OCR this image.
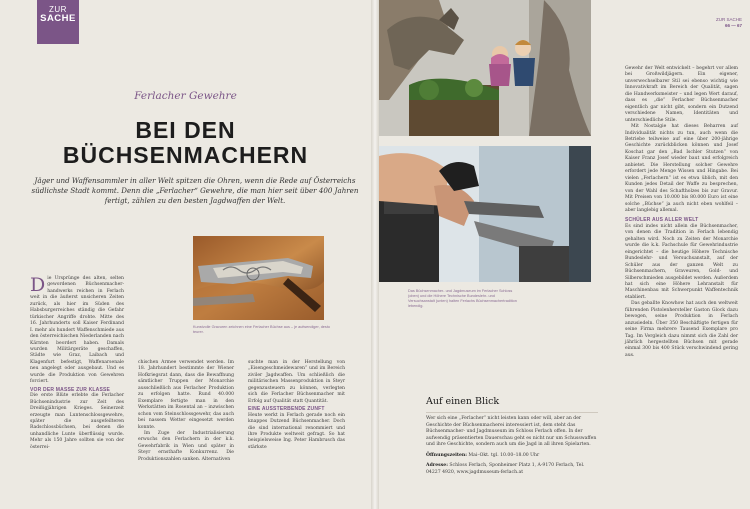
ZUR
SACHE
Ferlacher Gewehre
BEI DEN
BÜCHSENMACHERN
Jäger und Waffensammler in aller Welt spitzen die Ohren, wenn die Rede auf Österreichs südlichste Stadt kommt. Denn die „Ferlacher“ Gewehre, die man hier seit über 400 Jahren fertigt, zählen zu den besten Jagdwaffen der Welt.
Kunstvolle Gravuren zeichnen eine Ferlacher Büchse aus – je aufwendiger, desto teurer.

Die Ursprünge des alten, selten gewordenen Büchsenmacher-handwerks reichen in Ferlach weit in die äußerst unsicheren Zeiten zurück, als hier im Süden des Habsburgerreiches ständig die Gefahr türkischer Angriffe drohte. Mitte des 16. Jahrhunderts soll Kaiser Ferdinand I. mehr als hundert Waffenschmiede aus den österreichischen Niederlanden nach Kärnten beordert haben. Damals wurden Militärgeräte geschaffen, Städte wie Graz, Laibach und Klagenfurt befestigt, Waffenarsenale neu angelegt oder ausgebaut. Und es wurde die Produktion von Gewehren forciert.

VOR DER MASSE ZUR KLASSE

Die erste Blüte erlebte die Ferlacher Büchsenindustrie zur Zeit des Dreißigjährigen Krieges. Seinerzeit erzeugte man Luntenschlossgewehre, später die ausgefeilteren Radschlossbüchsen, bei denen die unhandliche Lunte überflüssig wurde. Mehr als 150 Jahre sollten sie von der österrei-

chischen Armee verwendet werden. Im 18. Jahrhundert bestimmte der Wiener Hofkriegsrat dann, dass die Bewaffnung sämtlicher Truppen der Monarchie ausschließlich aus Ferlacher Produktion zu erfolgen hatte. Rund 40.000 Exemplare fertigte man in den Werkstätten im Rosental an – inzwischen schon vom Steinschlossgewehr, das auch bei nassem Wetter eingesetzt werden konnte.

Im Zuge der Industrialisierung erwuchs den Ferlachern in der k.k. Gewehrfabrik in Wien und später in Steyr ernsthafte Konkurrenz. Die Produktionszahlen sanken. Alternativen

suchte man in der Herstellung von „Eisengeschmeidewaren“ und im Bereich ziviler Jagdwaffen. Um schließlich die militärischen Massenproduktion in Steyr gegenzusteuern zu können, verlegten sich die Ferlacher Büchsenmacher mit Erfolg auf Qualität statt Quantität.

EINE AUSSTERBENDE ZUNFT

Heute werkt in Ferlach gerade noch ein knappes Dutzend Büchsenmacher. Doch die sind international renommiert und ihre Produkte weltweit gefragt. So hat beispielsweise Ing. Peter Hambrusch das stärkste

ZUR SACHE
66 — 67
Das Büchsenmacher- und Jagdmuseum im Ferlacher Schloss (oben) und die Höhere Technische Bundeslehr- und Versuchsanstalt (unten) halten Ferlachs Büchsenmachertradition lebendig.

Gewehr der Welt entwickelt – begehrt vor allem bei Großwildjägern. Ein eigener, unverwechselbarer Stil sei ebenso wichtig wie Innovativkraft im Bereich der Qualität, sagen die Handwerksmeister – und legen Wert darauf, dass es „die“ Ferlacher Büchsenmacher eigentlich gar nicht gibt, sondern ein Dutzend verschiedene Namen, Identitäten und unterschiedliche Stile.

Mit Nostalgie hat dieses Beharren auf Individualität nichts zu tun, auch wenn die Betriebe teilweise auf eine über 200-jährige Geschichte zurückblicken können und Josef Koschat gar den „Bad Ischler Stutzen“ von Kaiser Franz Josef wieder baut und erfolgreich anbietet. Die Herstellung solcher Gewehre erfordert jede Menge Wissen und Hingabe. Bei vielen „Ferlachern“ ist es etwa üblich, mit den Kunden jedes Detail der Waffe zu besprechen, von der Wahl des Schaftholzes bis zur Gravur. Mit Preisen von 10.000 bis 80.000 Euro ist eine solche „Büchse“ ja auch nicht eben wohlfeil – aber langlebig allemal.

SCHÜLER AUS ALLER WELT

Es sind indes nicht allein die Büchsenmacher, von denen die Tradition in Ferlach lebendig gehalten wird. Noch zu Zeiten der Monarchie wurde die k.k. Fachschule für Gewehrindustrie eingerichtet – die heutige Höhere Technische Bundeslehr- und Versuchsanstalt, auf der Schüler aus der ganzen Welt zu Büchsenmachern, Graveuren, Gold- und Silberschmieden ausgebildet werden. Außerdem hat sich eine Höhere Lehranstalt für Maschinenbau mit Schwerpunkt Waffentechnik etabliert.

Das geballte Knowhow hat auch den weltweit führenden Pistolenhersteller Gaston Glock dazu bewogen, seine Produktion in Ferlach anzusiedeln. Über 350 Beschäftigte fertigen für seine Firma mehrere Tausend Exemplare pro Tag. Im Vergleich dazu nimmt sich die Zahl der jährlich hergestellten Büchsen mit gerade einmal 300 bis 400 Stück verschwindend gering aus.

Auf einen Blick
Wer sich eine „Ferlacher“ nicht leisten kann oder will, aber an der Geschichte der Büchsenmacherei interessiert ist, dem steht das Büchsenmacher- und Jagdmuseum im Schloss Ferlach offen. In der aufwendig präsentierten Dauerschau geht es nicht nur um Schusswaffen und ihre Geschichte, sondern auch um die Jagd in all ihren Spielarten.
Öffnungszeiten: Mai–Okt. tgl. 10.00–18.00 Uhr
Adresse: Schloss Ferlach, Sponheimer Platz 1, A-9170 Ferlach, Tel. 04227 4920, www.jagdmuseum-ferlach.at
